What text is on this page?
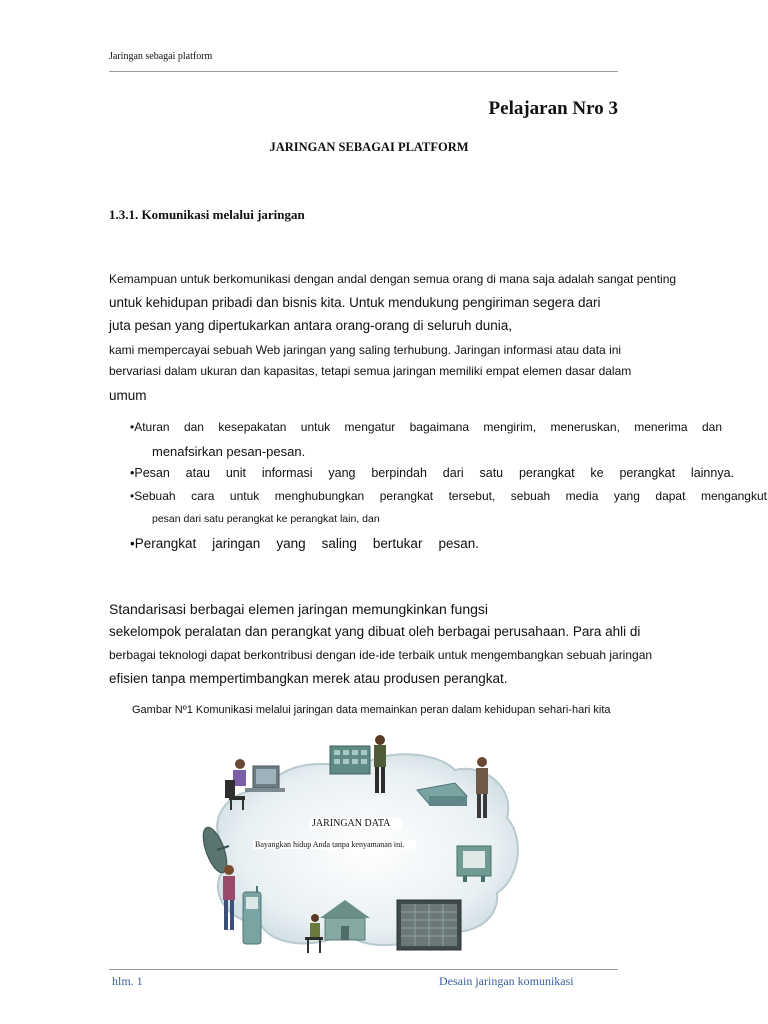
Jaringan sebagai platform
Pelajaran Nro 3
JARINGAN SEBAGAI PLATFORM
1.3.1. Komunikasi melalui jaringan
Kemampuan untuk berkomunikasi dengan andal dengan semua orang di mana saja adalah sangat penting
untuk kehidupan pribadi dan bisnis kita. Untuk mendukung pengiriman segera dari
juta pesan yang dipertukarkan antara orang-orang di seluruh dunia,
kami mempercayai sebuah Web jaringan yang saling terhubung. Jaringan informasi atau data ini
bervariasi dalam ukuran dan kapasitas, tetapi semua jaringan memiliki empat elemen dasar dalam
umum
•Aturan dan kesepakatan untuk mengatur bagaimana mengirim, meneruskan, menerima dan
menafsirkan pesan-pesan.
•Pesan atau unit informasi yang berpindah dari satu perangkat ke perangkat lainnya.
•Sebuah cara untuk menghubungkan perangkat tersebut, sebuah media yang dapat mengangkut
pesan dari satu perangkat ke perangkat lain, dan
•Perangkat jaringan yang saling bertukar pesan.
Standarisasi berbagai elemen jaringan memungkinkan fungsi
sekelompok peralatan dan perangkat yang dibuat oleh berbagai perusahaan. Para ahli di
berbagai teknologi dapat berkontribusi dengan ide-ide terbaik untuk mengembangkan sebuah jaringan
efisien tanpa mempertimbangkan merek atau produsen perangkat.
Gambar Nº1 Komunikasi melalui jaringan data memainkan peran dalam kehidupan sehari-hari kita
JARINGAN DATA
Bayangkan hidup Anda tanpa kenyamanan ini.
hlm. 1	Desain jaringan komunikasi
